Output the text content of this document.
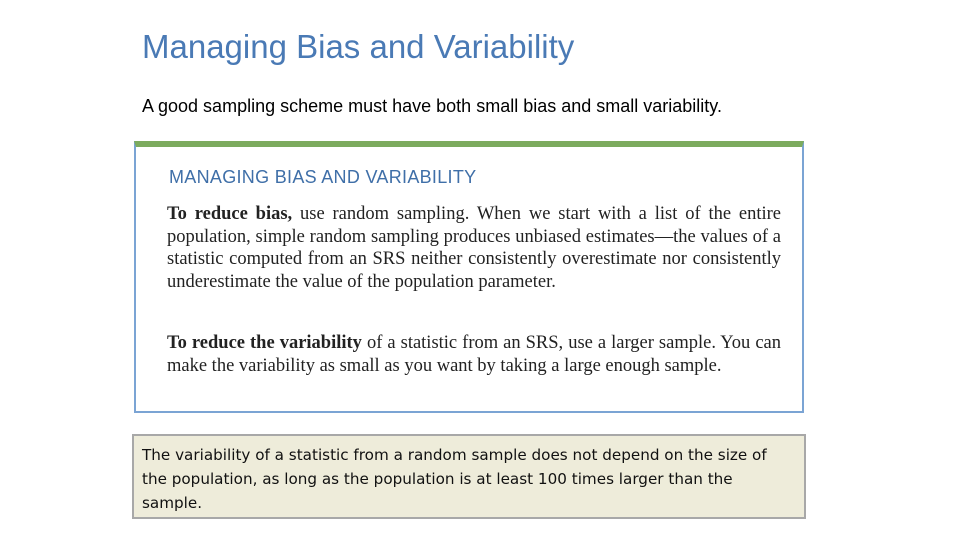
Managing Bias and Variability
A good sampling scheme must have both small bias and small variability.
MANAGING BIAS AND VARIABILITY
To reduce bias, use random sampling. When we start with a list of the entire population, simple random sampling produces unbiased estimates—the values of a statistic computed from an SRS neither consistently overestimate nor consistently underestimate the value of the population parameter.
To reduce the variability of a statistic from an SRS, use a larger sample. You can make the variability as small as you want by taking a large enough sample.
The variability of a statistic from a random sample does not depend on the size of the population, as long as the population is at least 100 times larger than the sample.
